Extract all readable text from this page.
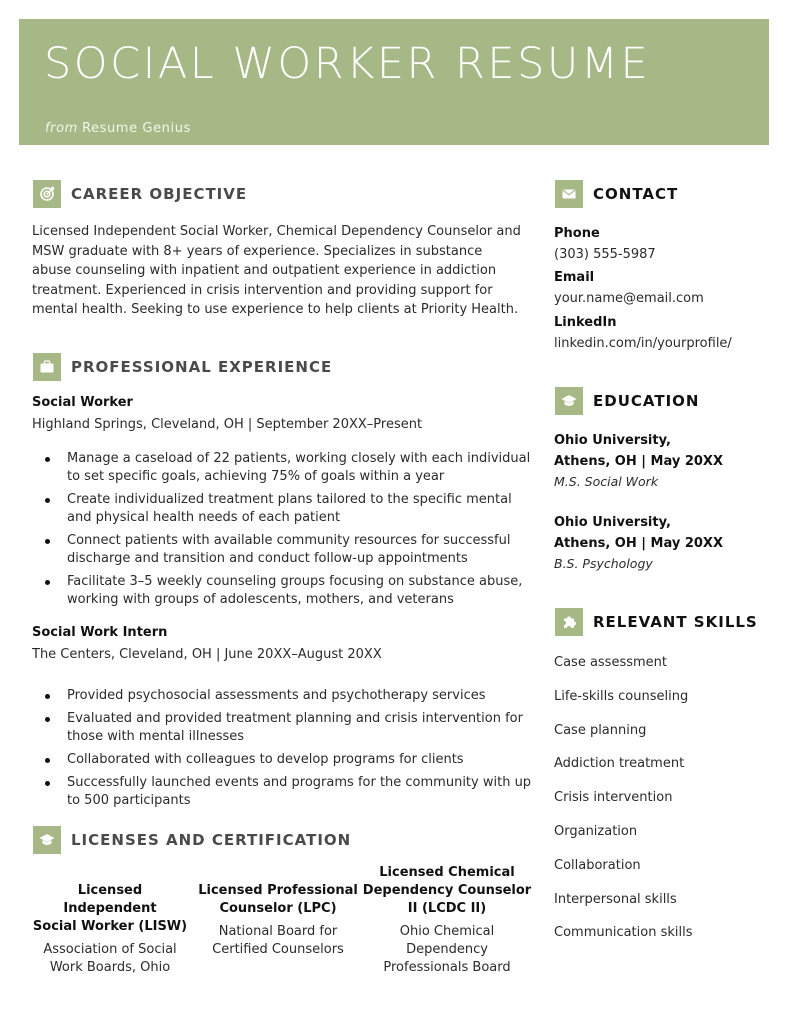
SOCIAL WORKER RESUME
from Resume Genius
CAREER OBJECTIVE
Licensed Independent Social Worker, Chemical Dependency Counselor and MSW graduate with 8+ years of experience. Specializes in substance abuse counseling with inpatient and outpatient experience in addiction treatment. Experienced in crisis intervention and providing support for mental health. Seeking to use experience to help clients at Priority Health.
PROFESSIONAL EXPERIENCE
Social Worker
Highland Springs, Cleveland, OH | September 20XX–Present
Manage a caseload of 22 patients, working closely with each individual to set specific goals, achieving 75% of goals within a year
Create individualized treatment plans tailored to the specific mental and physical health needs of each patient
Connect patients with available community resources for successful discharge and transition and conduct follow-up appointments
Facilitate 3–5 weekly counseling groups focusing on substance abuse, working with groups of adolescents, mothers, and veterans
Social Work Intern
The Centers, Cleveland, OH | June 20XX–August 20XX
Provided psychosocial assessments and psychotherapy services
Evaluated and provided treatment planning and crisis intervention for those with mental illnesses
Collaborated with colleagues to develop programs for clients
Successfully launched events and programs for the community with up to 500 participants
LICENSES AND CERTIFICATION
Licensed Independent
Social Worker (LISW)
Association of Social
Work Boards, Ohio
Licensed Professional
Counselor (LPC)
National Board for
Certified Counselors
Licensed Chemical
Dependency Counselor
II (LCDC II)
Ohio Chemical
Dependency
Professionals Board
CONTACT
Phone
(303) 555-5987
Email
your.name@email.com
LinkedIn
linkedin.com/in/yourprofile/
EDUCATION
Ohio University,
Athens, OH | May 20XX
M.S. Social Work
Ohio University,
Athens, OH | May 20XX
B.S. Psychology
RELEVANT SKILLS
Case assessment
Life-skills counseling
Case planning
Addiction treatment
Crisis intervention
Organization
Collaboration
Interpersonal skills
Communication skills
